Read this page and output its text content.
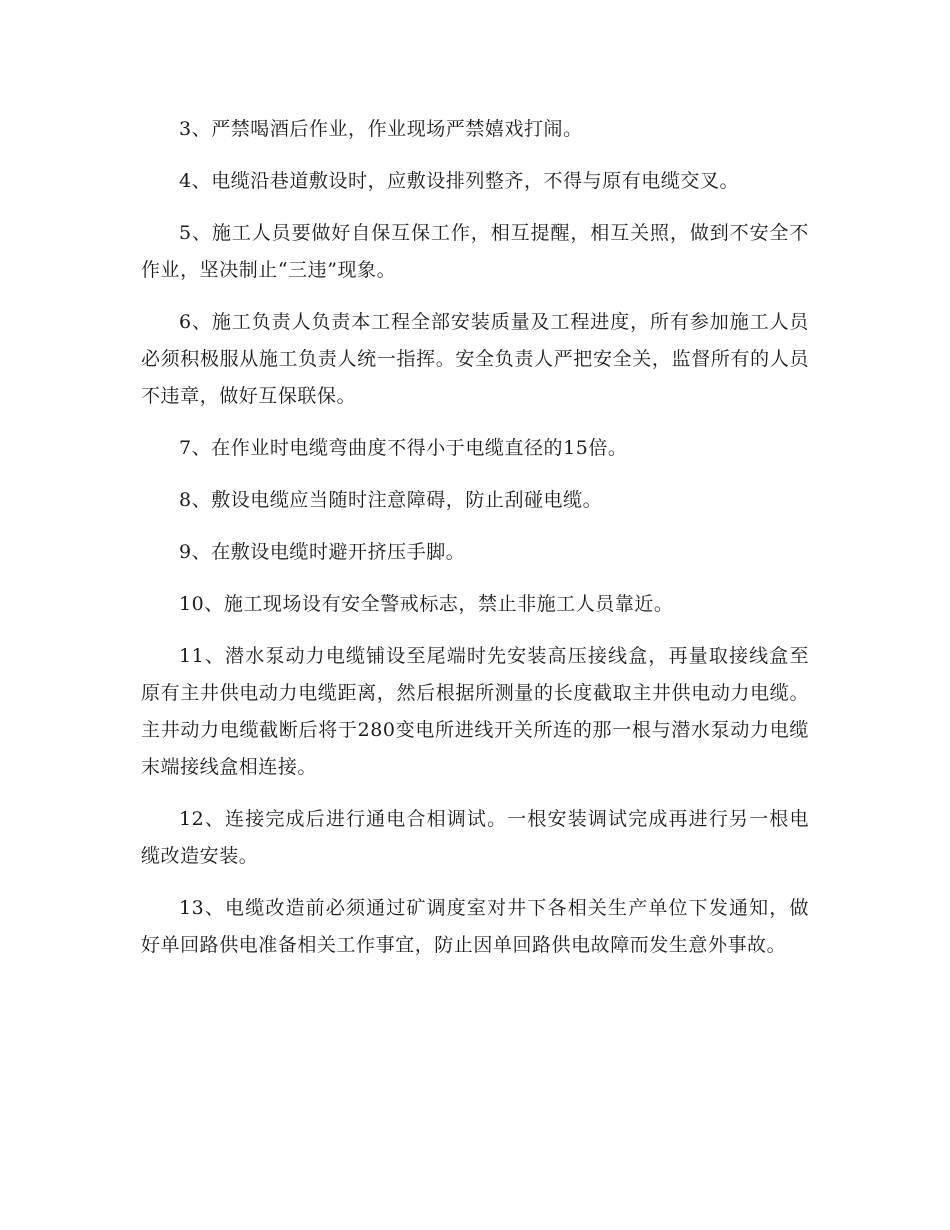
3、严禁喝酒后作业，作业现场严禁嬉戏打闹。

4、电缆沿巷道敷设时，应敷设排列整齐，不得与原有电缆交叉。

5、施工人员要做好自保互保工作，相互提醒，相互关照，做到不安全不作业，坚决制止“三违”现象。

6、施工负责人负责本工程全部安装质量及工程进度，所有参加施工人员必须积极服从施工负责人统一指挥。安全负责人严把安全关，监督所有的人员不违章，做好互保联保。

7、在作业时电缆弯曲度不得小于电缆直径的15倍。

8、敷设电缆应当随时注意障碍，防止刮碰电缆。

9、在敷设电缆时避开挤压手脚。

10、施工现场设有安全警戒标志，禁止非施工人员靠近。

11、潜水泵动力电缆铺设至尾端时先安装高压接线盒，再量取接线盒至原有主井供电动力电缆距离，然后根据所测量的长度截取主井供电动力电缆。主井动力电缆截断后将于280变电所进线开关所连的那一根与潜水泵动力电缆末端接线盒相连接。

12、连接完成后进行通电合相调试。一根安装调试完成再进行另一根电缆改造安装。

13、电缆改造前必须通过矿调度室对井下各相关生产单位下发通知，做好单回路供电准备相关工作事宜，防止因单回路供电故障而发生意外事故。
